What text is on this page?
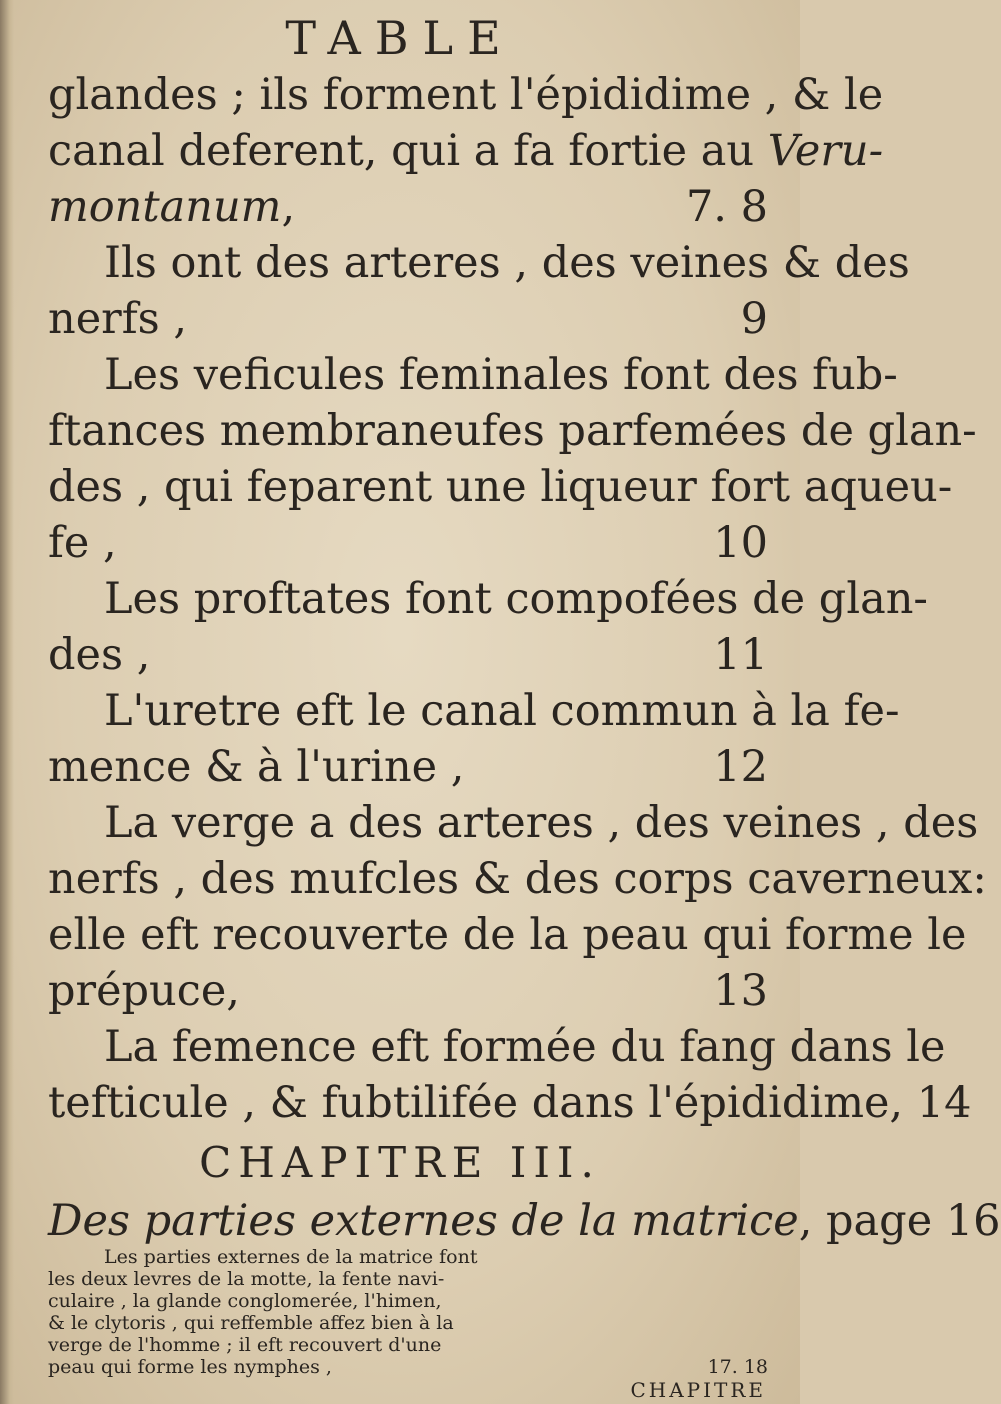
TABLE
glandes ; ils forment l'épididime , & le
canal deferent, qui a fa fortie au Veru-
montanum,	7. 8
Ils ont des arteres , des veines & des
nerfs ,	9
Les veficules feminales font des fub-
ftances membraneufes parfemées de glan-
des , qui feparent une liqueur fort aqueu-
fe ,	10
Les proftates font compofées de glan-
des ,	11
L'uretre eft le canal commun à la fe-
mence & à l'urine ,	12
La verge a des arteres , des veines , des
nerfs , des mufcles & des corps caverneux:
elle eft recouverte de la peau qui forme le
prépuce,	13
La femence eft formée du fang dans le
tefticule , & fubtilifée dans l'épididime, 14
CHAPITRE III.
Des parties externes de la matrice, page 16
Les parties externes de la matrice font
les deux levres de la motte, la fente navi-
culaire , la glande conglomerée, l'himen,
& le clytoris , qui reffemble affez bien à la
verge de l'homme ; il eft recouvert d'une
peau qui forme les nymphes ,	17. 18
CHAPITRE
